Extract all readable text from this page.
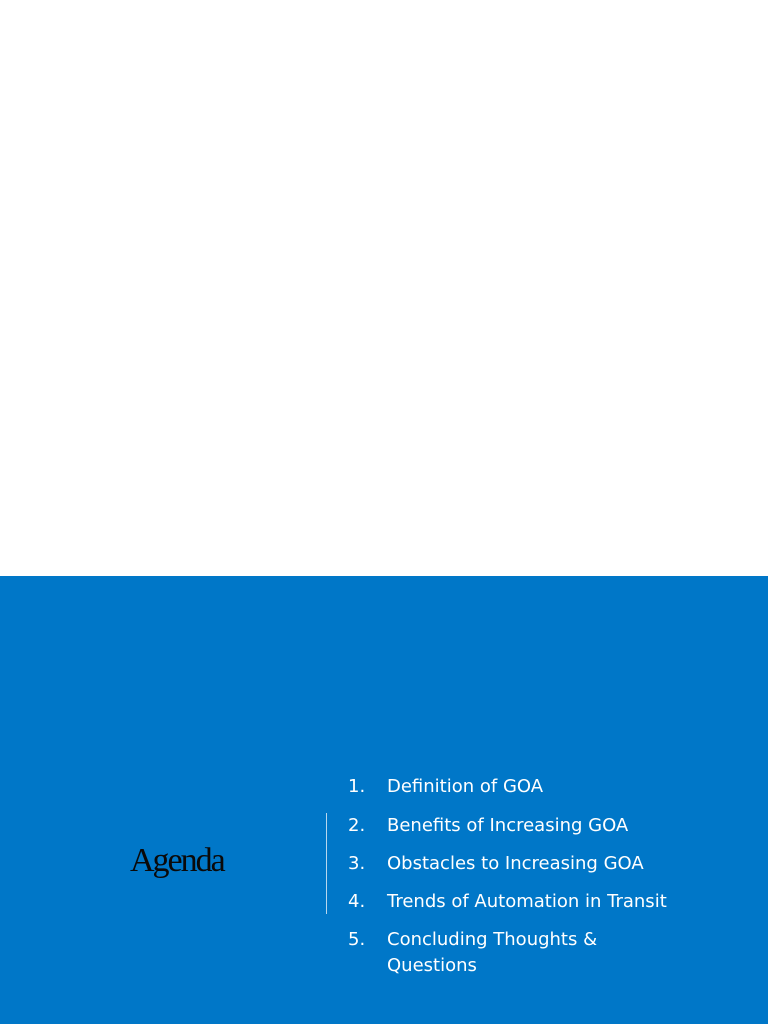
Agenda
1. Definition of GOA
2. Benefits of Increasing GOA
3. Obstacles to Increasing GOA
4. Trends of Automation in Transit
5. Concluding Thoughts & Questions
